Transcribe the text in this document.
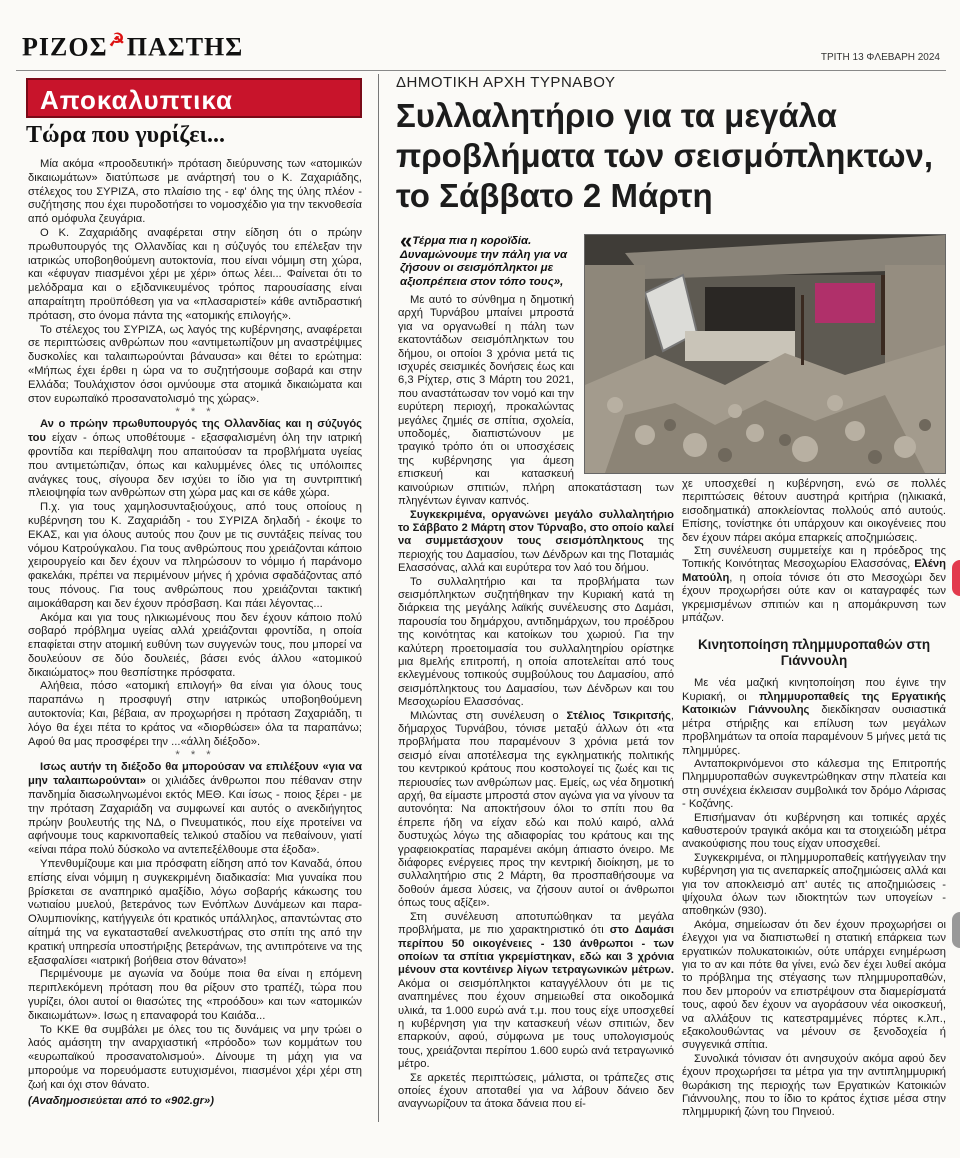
ΡΙΖΟΣ☭ΠΑΣΤΗΣ	ΤΡΙΤΗ 13 ΦΛΕΒΑΡΗ 2024
Αποκαλυπτικα
Τώρα που γυρίζει...

Μία ακόμα «προοδευτική» πρόταση διεύρυνσης των «ατομικών δικαιωμάτων» διατύπωσε με ανάρτησή του ο Κ. Ζαχαριάδης, στέλεχος του ΣΥΡΙΖΑ, στο πλαίσιο της - εφ' όλης της ύλης πλέον - συζήτησης που έχει πυροδοτήσει το νομοσχέδιο για την τεκνοθεσία από ομόφυλα ζευγάρια.

Ο Κ. Ζαχαριάδης αναφέρεται στην είδηση ότι ο πρώην πρωθυπουργός της Ολλανδίας και η σύζυγός του επέλεξαν την ιατρικώς υποβοηθούμενη αυτοκτονία, που είναι νόμιμη στη χώρα, και «έφυγαν πιασμένοι χέρι με χέρι» όπως λέει... Φαίνεται ότι το μελόδραμα και ο εξιδανικευμένος τρόπος παρουσίασης είναι απαραίτητη προϋπόθεση για να «πλασαριστεί» κάθε αντιδραστική πρόταση, στο όνομα πάντα της «ατομικής επιλογής».

Το στέλεχος του ΣΥΡΙΖΑ, ως λαγός της κυβέρνησης, αναφέρεται σε περιπτώσεις ανθρώπων που «αντιμετωπίζουν μη αναστρέψιμες δυσκολίες και ταλαιπωρούνται βάναυσα» και θέτει το ερώτημα: «Μήπως έχει έρθει η ώρα να το συζητήσουμε σοβαρά και στην Ελλάδα; Τουλάχιστον όσοι ομνύουμε στα ατομικά δικαιώματα και στον ευρωπαϊκό προσανατολισμό της χώρας».

* * *

Αν ο πρώην πρωθυπουργός της Ολλανδίας και η σύζυγός του είχαν - όπως υποθέτουμε - εξασφαλισμένη όλη την ιατρική φροντίδα και περίθαλψη που απαιτούσαν τα προβλήματα υγείας που αντιμετώπιζαν, όπως και καλυμμένες όλες τις υπόλοιπες ανάγκες τους, σίγουρα δεν ισχύει το ίδιο για τη συντριπτική πλειοψηφία των ανθρώπων στη χώρα μας και σε κάθε χώρα.

Π.χ. για τους χαμηλοσυνταξιούχους, από τους οποίους η κυβέρνηση του Κ. Ζαχαριάδη - του ΣΥΡΙΖΑ δηλαδή - έκοψε το ΕΚΑΣ, και για όλους αυτούς που ζουν με τις συντάξεις πείνας του νόμου Κατρούγκαλου. Για τους ανθρώπους που χρειάζονται κάποιο χειρουργείο και δεν έχουν να πληρώσουν το νόμιμο ή παράνομο φακελάκι, πρέπει να περιμένουν μήνες ή χρόνια σφαδάζοντας από τους πόνους. Για τους ανθρώπους που χρειάζονται τακτική αιμοκάθαρση και δεν έχουν πρόσβαση. Και πάει λέγοντας...

Ακόμα και για τους ηλικιωμένους που δεν έχουν κάποιο πολύ σοβαρό πρόβλημα υγείας αλλά χρειάζονται φροντίδα, η οποία επαφίεται στην ατομική ευθύνη των συγγενών τους, που μπορεί να δουλεύουν σε δύο δουλειές, βάσει ενός άλλου «ατομικού δικαιώματος» που θεσπίστηκε πρόσφατα.

Αλήθεια, πόσο «ατομική επιλογή» θα είναι για όλους τους παραπάνω η προσφυγή στην ιατρικώς υποβοηθούμενη αυτοκτονία; Και, βέβαια, αν προχωρήσει η πρόταση Ζαχαριάδη, τι λόγο θα έχει πέτα το κράτος να «διορθώσει» όλα τα παραπάνω; Αφού θα μας προσφέρει την ...«άλλη διέξοδο».

* * *

Ισως αυτήν τη διέξοδο θα μπορούσαν να επιλέξουν «για να μην ταλαιπωρούνται» οι χιλιάδες άνθρωποι που πέθαναν στην πανδημία διασωληνωμένοι εκτός ΜΕΘ. Και ίσως - ποιος ξέρει - με την πρόταση Ζαχαριάδη να συμφωνεί και αυτός ο ανεκδιήγητος πρώην βουλευτής της ΝΔ, ο Πνευματικός, που είχε προτείνει να αφήνουμε τους καρκινοπαθείς τελικού σταδίου να πεθαίνουν, γιατί «είναι πάρα πολύ δύσκολο να αντεπεξέλθουμε στα έξοδα».

Υπενθυμίζουμε και μια πρόσφατη είδηση από τον Καναδά, όπου επίσης είναι νόμιμη η συγκεκριμένη διαδικασία: Μια γυναίκα που βρίσκεται σε αναπηρικό αμαξίδιο, λόγω σοβαρής κάκωσης του νωτιαίου μυελού, βετεράνος των Ενόπλων Δυνάμεων και παρα-Ολυμπιονίκης, κατήγγειλε ότι κρατικός υπάλληλος, απαντώντας στο αίτημά της να εγκατασταθεί ανελκυστήρας στο σπίτι της από την κρατική υπηρεσία υποστήριξης βετεράνων, της αντιπρότεινε να της εξασφαλίσει «ιατρική βοήθεια στον θάνατο»!

Περιμένουμε με αγωνία να δούμε ποια θα είναι η επόμενη περιπλεκόμενη πρόταση που θα ρίξουν στο τραπέζι, τώρα που γυρίζει, όλοι αυτοί οι θιασώτες της «προόδου» και των «ατομικών δικαιωμάτων». Ισως η επαναφορά του Καιάδα...

Το ΚΚΕ θα συμβάλει με όλες του τις δυνάμεις να μην τρώει ο λαός αμάσητη την αναρχιαστική «πρόοδο» των κομμάτων του «ευρωπαϊκού προσανατολισμού». Δίνουμε τη μάχη για να μπορούμε να πορευόμαστε ευτυχισμένοι, πιασμένοι χέρι χέρι στη ζωή και όχι στον θάνατο.

(Αναδημοσιεύεται από το «902.gr»)

ΔΗΜΟΤΙΚΗ ΑΡΧΗ ΤΥΡΝΑΒΟΥ
Συλλαλητήριο για τα μεγάλα προβλήματα των σεισμόπληκτων, το Σάββατο 2 Μάρτη
«Τέρμα πια η κοροϊδία. Δυναμώνουμε την πάλη για να ζήσουν οι σεισμόπληκτοι με αξιοπρέπεια στον τόπο τους»,

Με αυτό το σύνθημα η δημοτική αρχή Τυρνάβου μπαίνει μπροστά για να οργανωθεί η πάλη των εκατοντάδων σεισμόπληκτων του δήμου, οι οποίοι 3 χρόνια μετά τις ισχυρές σεισμικές δονήσεις έως και 6,3 Ρίχτερ, στις 3 Μάρτη του 2021, που αναστάτωσαν τον νομό και την ευρύτερη περιοχή, προκαλώντας μεγάλες ζημιές σε σπίτια, σχολεία, υποδομές, διαπιστώνουν με τραγικό τρόπο ότι οι υποσχέσεις της κυβέρνησης για άμεση επισκευή και κατασκευή καινούριων σπιτιών, πλήρη αποκατάσταση των πληγέντων έγιναν καπνός.

Συγκεκριμένα, οργανώνει μεγάλο συλλαλητήριο το Σάββατο 2 Μάρτη στον Τύρναβο, στο οποίο καλεί να συμμετάσχουν τους σεισμόπληκτους της περιοχής του Δαμασίου, των Δένδρων και της Ποταμιάς Ελασσόνας, αλλά και ευρύτερα τον λαό του δήμου.

Το συλλαλητήριο και τα προβλήματα των σεισμόπληκτων συζητήθηκαν την Κυριακή κατά τη διάρκεια της μεγάλης λαϊκής συνέλευσης στο Δαμάσι, παρουσία του δημάρχου, αντιδημάρχων, του προέδρου της κοινότητας και κατοίκων του χωριού. Για την καλύτερη προετοιμασία του συλλαλητηρίου ορίστηκε μια 8μελής επιτροπή, η οποία αποτελείται από τους εκλεγμένους τοπικούς συμβούλους του Δαμασίου, από σεισμόπληκτους του Δαμασίου, των Δένδρων και του Μεσοχωρίου Ελασσόνας.

Μιλώντας στη συνέλευση ο Στέλιος Τσικριτσής, δήμαρχος Τυρνάβου, τόνισε μεταξύ άλλων ότι «τα προβλήματα που παραμένουν 3 χρόνια μετά τον σεισμό είναι αποτέλεσμα της εγκληματικής πολιτικής του κεντρικού κράτους που κοστολογεί τις ζωές και τις περιουσίες των ανθρώπων μας. Εμείς, ως νέα δημοτική αρχή, θα είμαστε μπροστά στον αγώνα για να γίνουν τα αυτονόητα: Να αποκτήσουν όλοι το σπίτι που θα έπρεπε ήδη να είχαν εδώ και πολύ καιρό, αλλά δυστυχώς λόγω της αδιαφορίας του κράτους και της γραφειοκρατίας παραμένει ακόμη άπιαστο όνειρο. Με διάφορες ενέργειες προς την κεντρική διοίκηση, με το συλλαλητήριο στις 2 Μάρτη, θα προσπαθήσουμε να δοθούν άμεσα λύσεις, να ζήσουν αυτοί οι άνθρωποι όπως τους αξίζει».

Στη συνέλευση αποτυπώθηκαν τα μεγάλα προβλήματα, με πιο χαρακτηριστικό ότι στο Δαμάσι περίπου 50 οικογένειες - 130 άνθρωποι - των οποίων τα σπίτια γκρεμίστηκαν, εδώ και 3 χρόνια μένουν στα κοντέινερ λίγων τετραγωνικών μέτρων. Ακόμα οι σεισμόπληκτοι καταγγέλλουν ότι με τις αναπημένες που έχουν σημειωθεί στα οικοδομικά υλικά, τα 1.000 ευρώ ανά τ.μ. που τους είχε υποσχεθεί η κυβέρνηση για την κατασκευή νέων σπιτιών, δεν επαρκούν, αφού, σύμφωνα με τους υπολογισμούς τους, χρειάζονται περίπου 1.600 ευρώ ανά τετραγωνικό μέτρο.

Σε αρκετές περιπτώσεις, μάλιστα, οι τράπεζες στις οποίες έχουν αποταθεί για να λάβουν δάνειο δεν αναγνωρίζουν τα άτοκα δάνεια που εί-

χε υποσχεθεί η κυβέρνηση, ενώ σε πολλές περιπτώσεις θέτουν αυστηρά κριτήρια (ηλικιακά, εισοδηματικά) αποκλείοντας πολλούς από αυτούς. Επίσης, τονίστηκε ότι υπάρχουν και οικογένειες που δεν έχουν πάρει ακόμα επαρκείς αποζημιώσεις.

Στη συνέλευση συμμετείχε και η πρόεδρος της Τοπικής Κοινότητας Μεσοχωρίου Ελασσόνας, Ελένη Ματούλη, η οποία τόνισε ότι στο Μεσοχώρι δεν έχουν προχωρήσει ούτε καν οι καταγραφές των γκρεμισμένων σπιτιών και η απομάκρυνση των μπάζων.

Κινητοποίηση πλημμυροπαθών στη Γιάννουλη

Με νέα μαζική κινητοποίηση που έγινε την Κυριακή, οι πλημμυροπαθείς της Εργατικής Κατοικιών Γιάννουλης διεκδίκησαν ουσιαστικά μέτρα στήριξης και επίλυση των μεγάλων προβλημάτων τα οποία παραμένουν 5 μήνες μετά τις πλημμύρες.

Ανταποκρινόμενοι στο κάλεσμα της Επιτροπής Πλημμυροπαθών συγκεντρώθηκαν στην πλατεία και στη συνέχεια έκλεισαν συμβολικά τον δρόμο Λάρισας - Κοζάνης.

Επισήμαναν ότι κυβέρνηση και τοπικές αρχές καθυστερούν τραγικά ακόμα και τα στοιχειώδη μέτρα ανακούφισης που τους είχαν υποσχεθεί.

Συγκεκριμένα, οι πλημμυροπαθείς κατήγγειλαν την κυβέρνηση για τις ανεπαρκείς αποζημιώσεις αλλά και για τον αποκλεισμό απ' αυτές τις αποζημιώσεις - ψίχουλα όλων των ιδιοκτητών των υπογείων - αποθηκών (930).

Ακόμα, σημείωσαν ότι δεν έχουν προχωρήσει οι έλεγχοι για να διαπιστωθεί η στατική επάρκεια των εργατικών πολυκατοικιών, ούτε υπάρχει ενημέρωση για το αν και πότε θα γίνει, ενώ δεν έχει λυθεί ακόμα το πρόβλημα της στέγασης των πλημμυροπαθών, που δεν μπορούν να επιστρέψουν στα διαμερίσματά τους, αφού δεν έχουν να αγοράσουν νέα οικοσκευή, να αλλάξουν τις κατεστραμμένες πόρτες κ.λπ., εξακολουθώντας να μένουν σε ξενοδοχεία ή συγγενικά σπίτια.

Συνολικά τόνισαν ότι ανησυχούν ακόμα αφού δεν έχουν προχωρήσει τα μέτρα για την αντιπλημμυρική θωράκιση της περιοχής των Εργατικών Κατοικιών Γιάννουλης, που το ίδιο το κράτος έχτισε μέσα στην πλημμυρική ζώνη του Πηνειού.
